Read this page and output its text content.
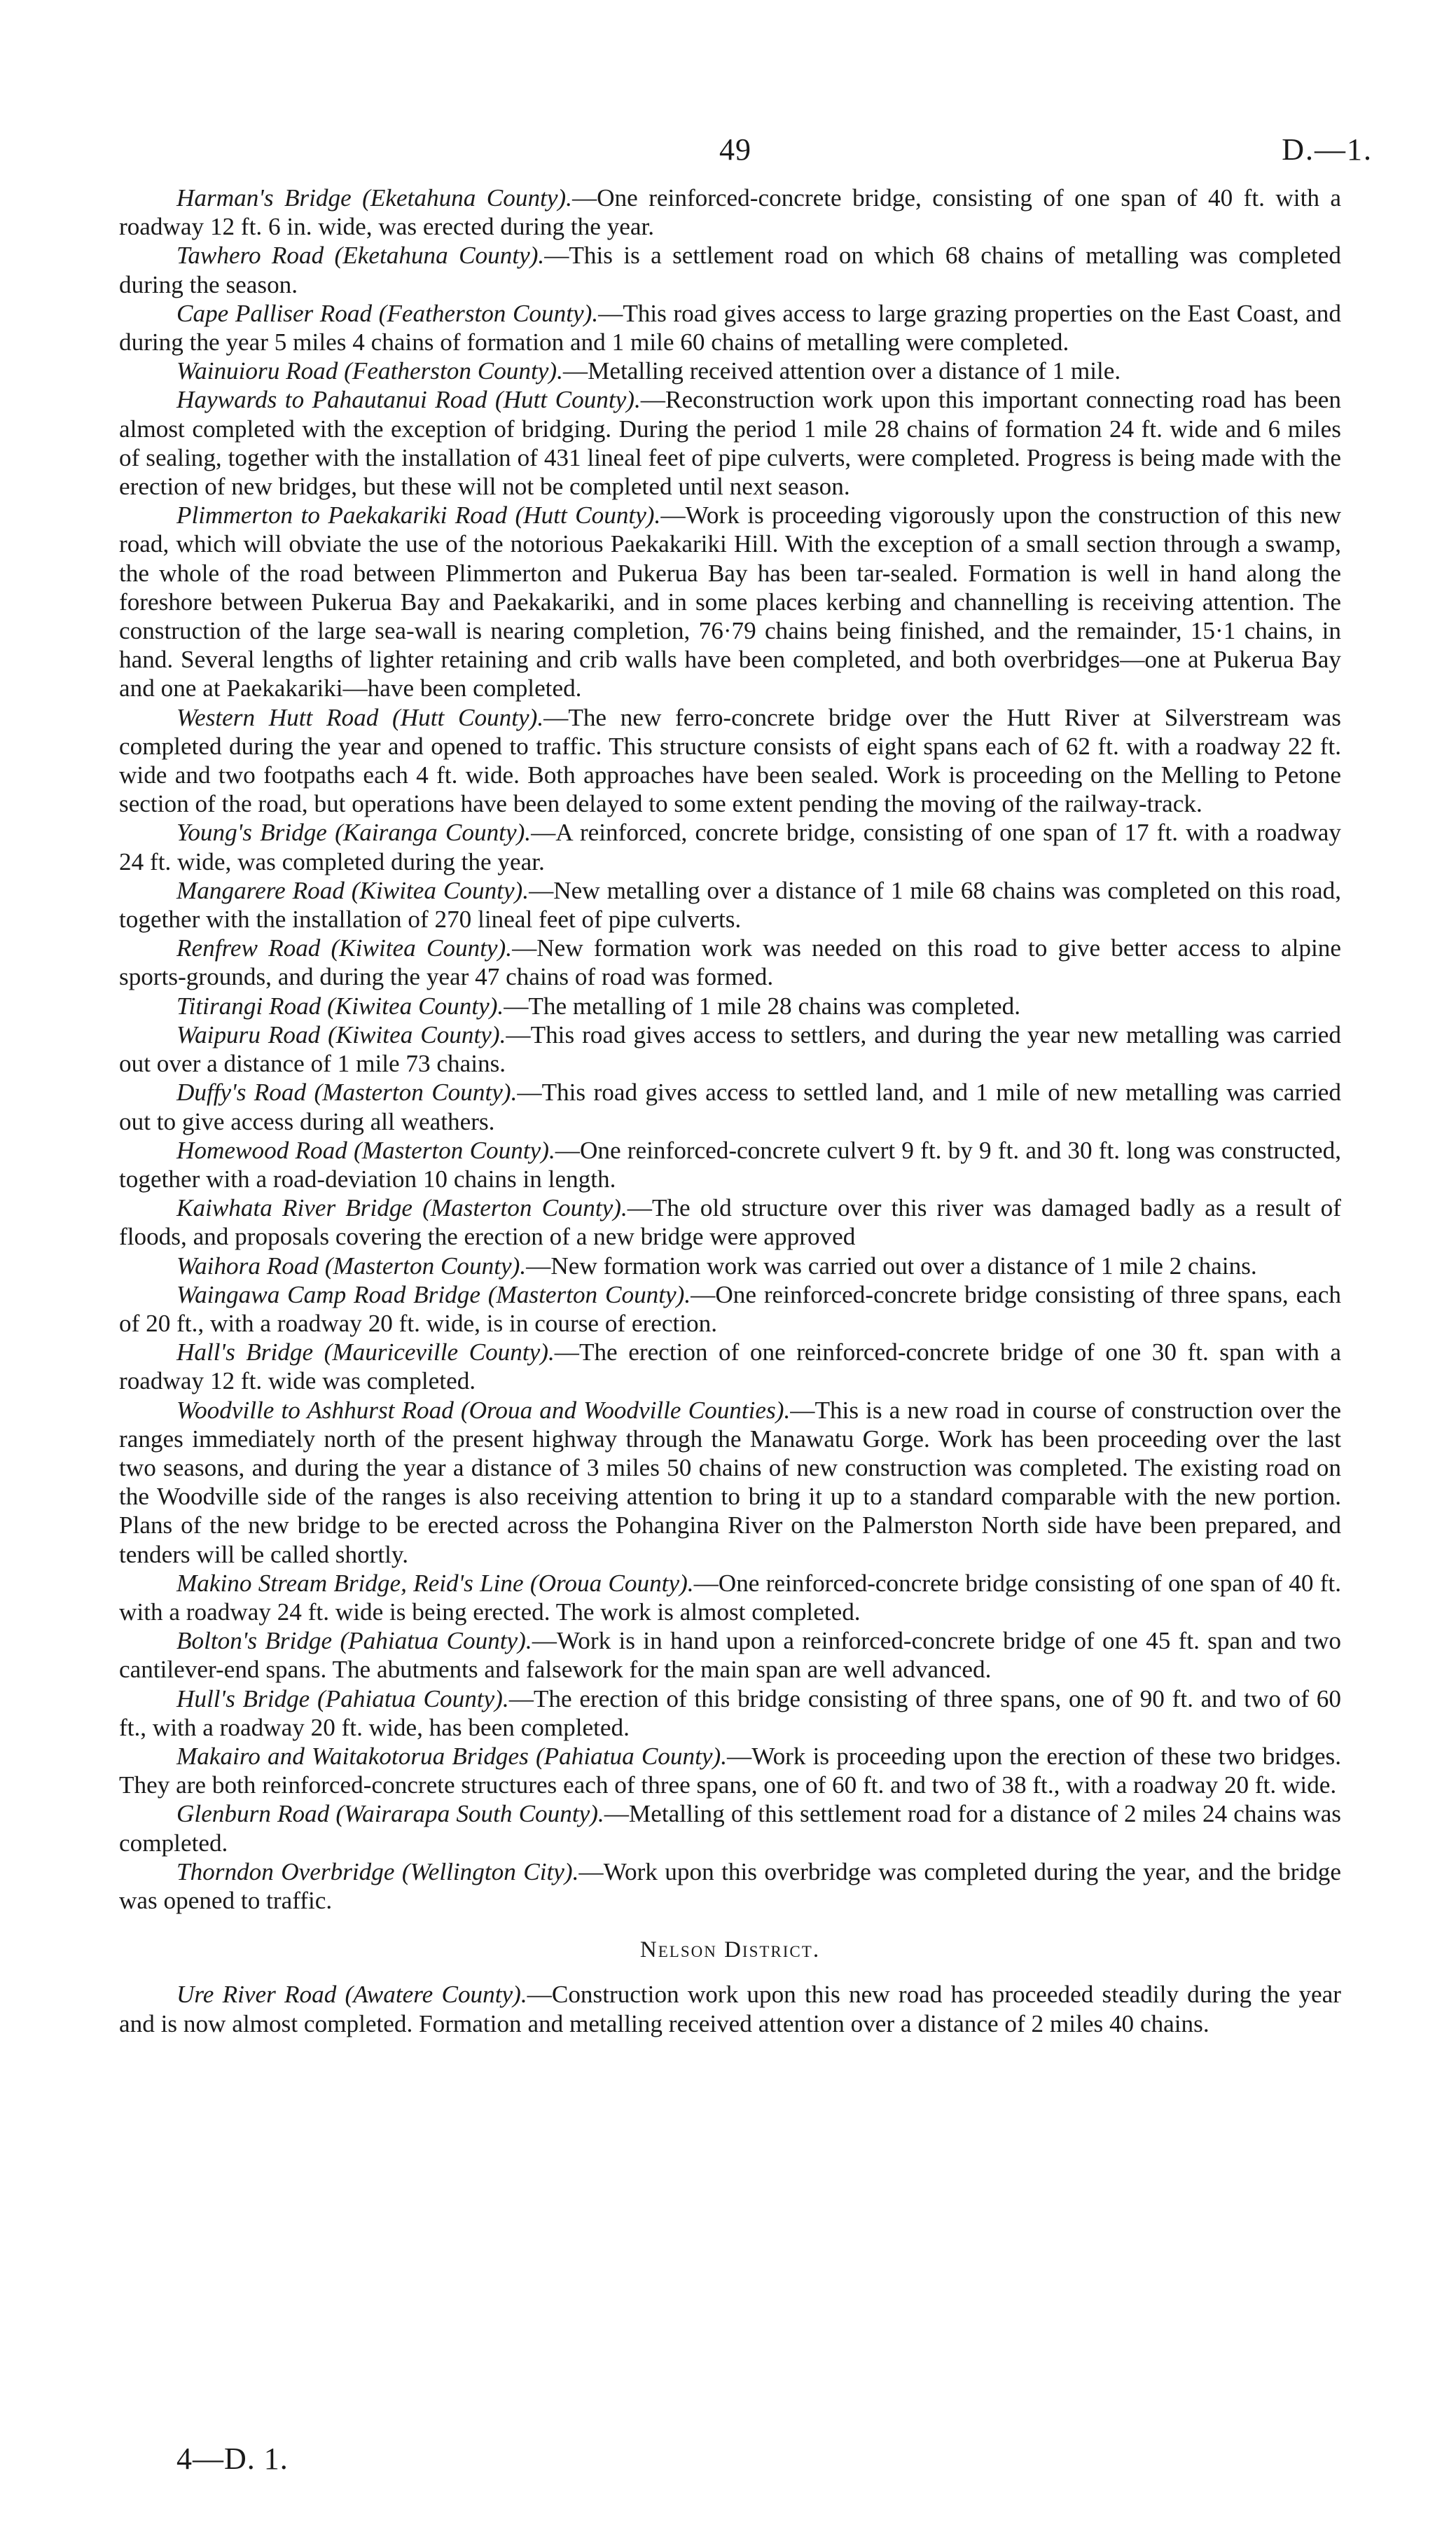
49	D.—1.

Harman's Bridge (Eketahuna County).—One reinforced-concrete bridge, consisting of one span of 40 ft. with a roadway 12 ft. 6 in. wide, was erected during the year.

Tawhero Road (Eketahuna County).—This is a settlement road on which 68 chains of metalling was completed during the season.

Cape Palliser Road (Featherston County).—This road gives access to large grazing properties on the East Coast, and during the year 5 miles 4 chains of formation and 1 mile 60 chains of metalling were completed.

Wainuioru Road (Featherston County).—Metalling received attention over a distance of 1 mile.

Haywards to Pahautanui Road (Hutt County).—Reconstruction work upon this important connecting road has been almost completed with the exception of bridging. During the period 1 mile 28 chains of formation 24 ft. wide and 6 miles of sealing, together with the installation of 431 lineal feet of pipe culverts, were completed. Progress is being made with the erection of new bridges, but these will not be completed until next season.

Plimmerton to Paekakariki Road (Hutt County).—Work is proceeding vigorously upon the construction of this new road, which will obviate the use of the notorious Paekakariki Hill. With the exception of a small section through a swamp, the whole of the road between Plimmerton and Pukerua Bay has been tar-sealed. Formation is well in hand along the foreshore between Pukerua Bay and Paekakariki, and in some places kerbing and channelling is receiving attention. The construction of the large sea-wall is nearing completion, 76·79 chains being finished, and the remainder, 15·1 chains, in hand. Several lengths of lighter retaining and crib walls have been completed, and both overbridges—one at Pukerua Bay and one at Paekakariki—have been completed.

Western Hutt Road (Hutt County).—The new ferro-concrete bridge over the Hutt River at Silverstream was completed during the year and opened to traffic. This structure consists of eight spans each of 62 ft. with a roadway 22 ft. wide and two footpaths each 4 ft. wide. Both approaches have been sealed. Work is proceeding on the Melling to Petone section of the road, but operations have been delayed to some extent pending the moving of the railway-track.

Young's Bridge (Kairanga County).—A reinforced, concrete bridge, consisting of one span of 17 ft. with a roadway 24 ft. wide, was completed during the year.

Mangarere Road (Kiwitea County).—New metalling over a distance of 1 mile 68 chains was completed on this road, together with the installation of 270 lineal feet of pipe culverts.

Renfrew Road (Kiwitea County).—New formation work was needed on this road to give better access to alpine sports-grounds, and during the year 47 chains of road was formed.

Titirangi Road (Kiwitea County).—The metalling of 1 mile 28 chains was completed.

Waipuru Road (Kiwitea County).—This road gives access to settlers, and during the year new metalling was carried out over a distance of 1 mile 73 chains.

Duffy's Road (Masterton County).—This road gives access to settled land, and 1 mile of new metalling was carried out to give access during all weathers.

Homewood Road (Masterton County).—One reinforced-concrete culvert 9 ft. by 9 ft. and 30 ft. long was constructed, together with a road-deviation 10 chains in length.

Kaiwhata River Bridge (Masterton County).—The old structure over this river was damaged badly as a result of floods, and proposals covering the erection of a new bridge were approved

Waihora Road (Masterton County).—New formation work was carried out over a distance of 1 mile 2 chains.

Waingawa Camp Road Bridge (Masterton County).—One reinforced-concrete bridge consisting of three spans, each of 20 ft., with a roadway 20 ft. wide, is in course of erection.

Hall's Bridge (Mauriceville County).—The erection of one reinforced-concrete bridge of one 30 ft. span with a roadway 12 ft. wide was completed.

Woodville to Ashhurst Road (Oroua and Woodville Counties).—This is a new road in course of construction over the ranges immediately north of the present highway through the Manawatu Gorge. Work has been proceeding over the last two seasons, and during the year a distance of 3 miles 50 chains of new construction was completed. The existing road on the Woodville side of the ranges is also receiving attention to bring it up to a standard comparable with the new portion. Plans of the new bridge to be erected across the Pohangina River on the Palmerston North side have been prepared, and tenders will be called shortly.

Makino Stream Bridge, Reid's Line (Oroua County).—One reinforced-concrete bridge consisting of one span of 40 ft. with a roadway 24 ft. wide is being erected. The work is almost completed.

Bolton's Bridge (Pahiatua County).—Work is in hand upon a reinforced-concrete bridge of one 45 ft. span and two cantilever-end spans. The abutments and falsework for the main span are well advanced.

Hull's Bridge (Pahiatua County).—The erection of this bridge consisting of three spans, one of 90 ft. and two of 60 ft., with a roadway 20 ft. wide, has been completed.

Makairo and Waitakotorua Bridges (Pahiatua County).—Work is proceeding upon the erection of these two bridges. They are both reinforced-concrete structures each of three spans, one of 60 ft. and two of 38 ft., with a roadway 20 ft. wide.

Glenburn Road (Wairarapa South County).—Metalling of this settlement road for a distance of 2 miles 24 chains was completed.

Thorndon Overbridge (Wellington City).—Work upon this overbridge was completed during the year, and the bridge was opened to traffic.

Nelson District.

Ure River Road (Awatere County).—Construction work upon this new road has proceeded steadily during the year and is now almost completed. Formation and metalling received attention over a distance of 2 miles 40 chains.

4—D. 1.
